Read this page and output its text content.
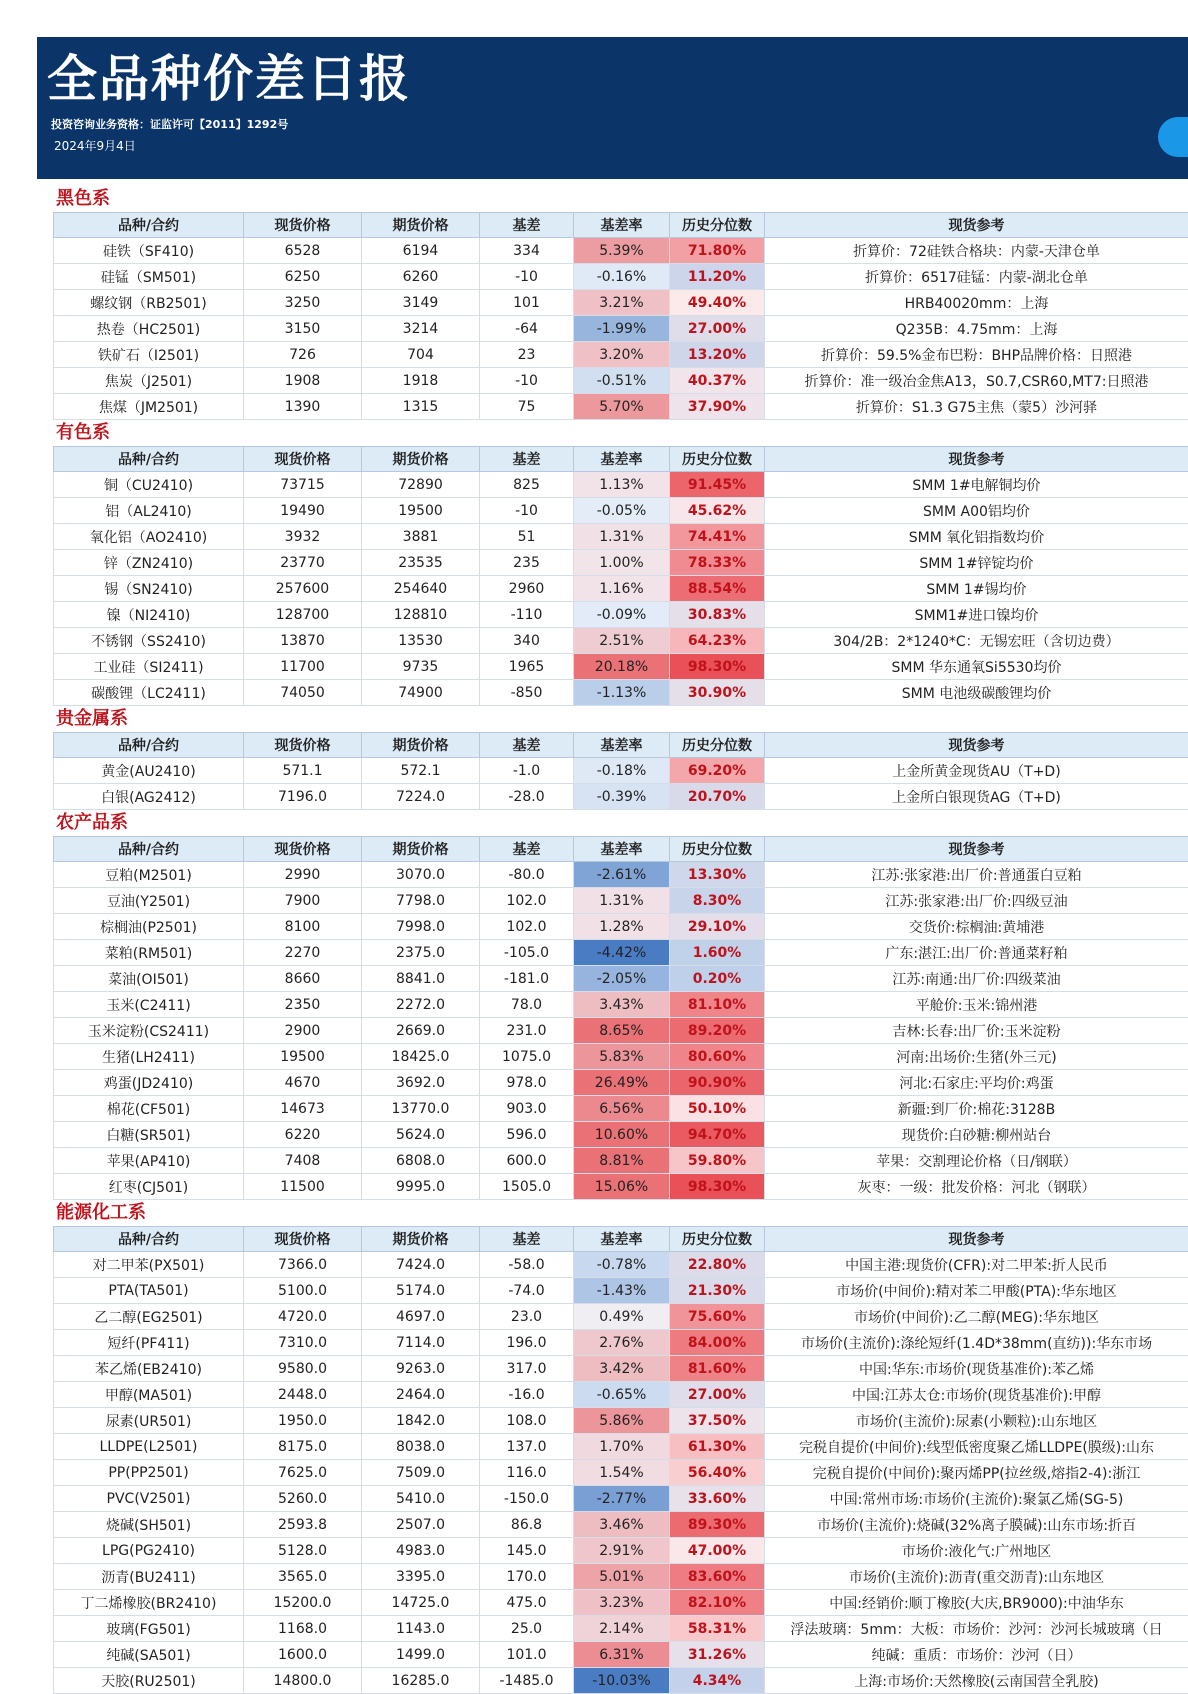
全品种价差日报
投资咨询业务资格：证监许可【2011】1292号
2024年9月4日
黑色系
品种/合约	现货价格	期货价格	基差	基差率	历史分位数	现货参考
硅铁（SF410)	6528	6194	334	5.39%	71.80%	折算价：72硅铁合格块：内蒙-天津仓单
硅锰（SM501)	6250	6260	-10	-0.16%	11.20%	折算价：6517硅锰：内蒙-湖北仓单
螺纹钢（RB2501)	3250	3149	101	3.21%	49.40%	HRB40020mm：上海
热卷（HC2501)	3150	3214	-64	-1.99%	27.00%	Q235B：4.75mm：上海
铁矿石（I2501)	726	704	23	3.20%	13.20%	折算价：59.5%金布巴粉：BHP品牌价格：日照港
焦炭（J2501)	1908	1918	-10	-0.51%	40.37%	折算价：准一级冶金焦A13，S0.7,CSR60,MT7:日照港
焦煤（JM2501)	1390	1315	75	5.70%	37.90%	折算价：S1.3 G75主焦（蒙5）沙河驿
有色系
品种/合约	现货价格	期货价格	基差	基差率	历史分位数	现货参考
铜（CU2410)	73715	72890	825	1.13%	91.45%	SMM 1#电解铜均价
铝（AL2410)	19490	19500	-10	-0.05%	45.62%	SMM A00铝均价
氧化铝（AO2410)	3932	3881	51	1.31%	74.41%	SMM 氧化铝指数均价
锌（ZN2410)	23770	23535	235	1.00%	78.33%	SMM 1#锌锭均价
锡（SN2410)	257600	254640	2960	1.16%	88.54%	SMM 1#锡均价
镍（NI2410)	128700	128810	-110	-0.09%	30.83%	SMM1#进口镍均价
不锈钢（SS2410)	13870	13530	340	2.51%	64.23%	304/2B：2*1240*C：无锡宏旺（含切边费）
工业硅（SI2411)	11700	9735	1965	20.18%	98.30%	SMM 华东通氧Si5530均价
碳酸锂（LC2411)	74050	74900	-850	-1.13%	30.90%	SMM 电池级碳酸锂均价
贵金属系
品种/合约	现货价格	期货价格	基差	基差率	历史分位数	现货参考
黄金(AU2410)	571.1	572.1	-1.0	-0.18%	69.20%	上金所黄金现货AU（T+D)
白银(AG2412)	7196.0	7224.0	-28.0	-0.39%	20.70%	上金所白银现货AG（T+D)
农产品系
品种/合约	现货价格	期货价格	基差	基差率	历史分位数	现货参考
豆粕(M2501)	2990	3070.0	-80.0	-2.61%	13.30%	江苏:张家港:出厂价:普通蛋白豆粕
豆油(Y2501)	7900	7798.0	102.0	1.31%	8.30%	江苏:张家港:出厂价:四级豆油
棕榈油(P2501)	8100	7998.0	102.0	1.28%	29.10%	交货价:棕榈油:黄埔港
菜粕(RM501)	2270	2375.0	-105.0	-4.42%	1.60%	广东:湛江:出厂价:普通菜籽粕
菜油(OI501)	8660	8841.0	-181.0	-2.05%	0.20%	江苏:南通:出厂价:四级菜油
玉米(C2411)	2350	2272.0	78.0	3.43%	81.10%	平舱价:玉米:锦州港
玉米淀粉(CS2411)	2900	2669.0	231.0	8.65%	89.20%	吉林:长春:出厂价:玉米淀粉
生猪(LH2411)	19500	18425.0	1075.0	5.83%	80.60%	河南:出场价:生猪(外三元)
鸡蛋(JD2410)	4670	3692.0	978.0	26.49%	90.90%	河北:石家庄:平均价:鸡蛋
棉花(CF501)	14673	13770.0	903.0	6.56%	50.10%	新疆:到厂价:棉花:3128B
白糖(SR501)	6220	5624.0	596.0	10.60%	94.70%	现货价:白砂糖:柳州站台
苹果(AP410)	7408	6808.0	600.0	8.81%	59.80%	苹果：交割理论价格（日/钢联）
红枣(CJ501)	11500	9995.0	1505.0	15.06%	98.30%	灰枣：一级：批发价格：河北（钢联）
能源化工系
品种/合约	现货价格	期货价格	基差	基差率	历史分位数	现货参考
对二甲苯(PX501)	7366.0	7424.0	-58.0	-0.78%	22.80%	中国主港:现货价(CFR):对二甲苯:折人民币
PTA(TA501)	5100.0	5174.0	-74.0	-1.43%	21.30%	市场价(中间价):精对苯二甲酸(PTA):华东地区
乙二醇(EG2501)	4720.0	4697.0	23.0	0.49%	75.60%	市场价(中间价):乙二醇(MEG):华东地区
短纤(PF411)	7310.0	7114.0	196.0	2.76%	84.00%	市场价(主流价):涤纶短纤(1.4D*38mm(直纺)):华东市场
苯乙烯(EB2410)	9580.0	9263.0	317.0	3.42%	81.60%	中国:华东:市场价(现货基准价):苯乙烯
甲醇(MA501)	2448.0	2464.0	-16.0	-0.65%	27.00%	中国:江苏太仓:市场价(现货基准价):甲醇
尿素(UR501)	1950.0	1842.0	108.0	5.86%	37.50%	市场价(主流价):尿素(小颗粒):山东地区
LLDPE(L2501)	8175.0	8038.0	137.0	1.70%	61.30%	完税自提价(中间价):线型低密度聚乙烯LLDPE(膜级):山东
PP(PP2501)	7625.0	7509.0	116.0	1.54%	56.40%	完税自提价(中间价):聚丙烯PP(拉丝级,熔指2-4):浙江
PVC(V2501)	5260.0	5410.0	-150.0	-2.77%	33.60%	中国:常州市场:市场价(主流价):聚氯乙烯(SG-5)
烧碱(SH501)	2593.8	2507.0	86.8	3.46%	89.30%	市场价(主流价):烧碱(32%离子膜碱):山东市场:折百
LPG(PG2410)	5128.0	4983.0	145.0	2.91%	47.00%	市场价:液化气:广州地区
沥青(BU2411)	3565.0	3395.0	170.0	5.01%	83.60%	市场价(主流价):沥青(重交沥青):山东地区
丁二烯橡胶(BR2410)	15200.0	14725.0	475.0	3.23%	82.10%	中国:经销价:顺丁橡胶(大庆,BR9000):中油华东
玻璃(FG501)	1168.0	1143.0	25.0	2.14%	58.31%	浮法玻璃：5mm：大板：市场价：沙河：沙河长城玻璃（日
纯碱(SA501)	1600.0	1499.0	101.0	6.31%	31.26%	纯碱：重质：市场价：沙河（日）
天胶(RU2501)	14800.0	16285.0	-1485.0	-10.03%	4.34%	上海:市场价:天然橡胶(云南国营全乳胶)
